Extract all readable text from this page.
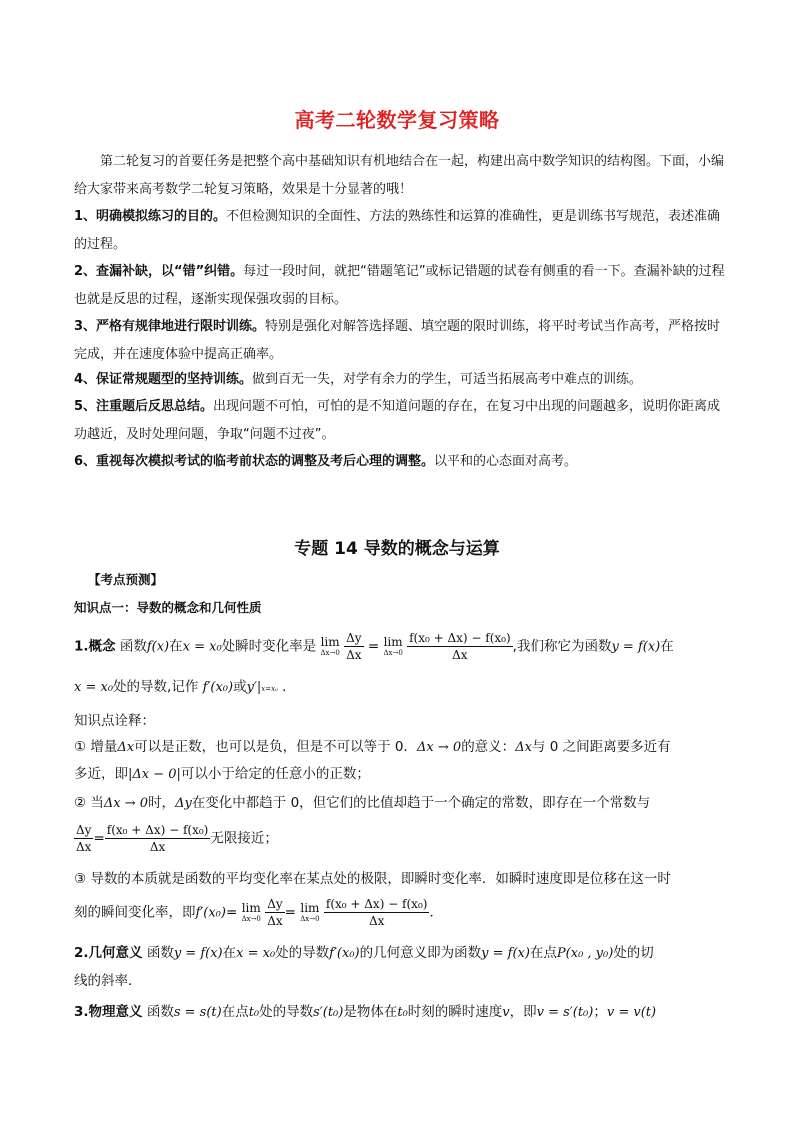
高考二轮数学复习策略
第二轮复习的首要任务是把整个高中基础知识有机地结合在一起，构建出高中数学知识的结构图。下面，小编给大家带来高考数学二轮复习策略，效果是十分显著的哦！
1、明确模拟练习的目的。不但检测知识的全面性、方法的熟练性和运算的准确性，更是训练书写规范，表述准确的过程。
2、查漏补缺，以“错”纠错。每过一段时间，就把“错题笔记”或标记错题的试卷有侧重的看一下。查漏补缺的过程也就是反思的过程，逐渐实现保强攻弱的目标。
3、严格有规律地进行限时训练。特别是强化对解答选择题、填空题的限时训练，将平时考试当作高考，严格按时完成，并在速度体验中提高正确率。
4、保证常规题型的坚持训练。做到百无一失，对学有余力的学生，可适当拓展高考中难点的训练。
5、注重题后反思总结。出现问题不可怕，可怕的是不知道问题的存在，在复习中出现的问题越多，说明你距离成功越近，及时处理问题，争取“问题不过夜”。
6、重视每次模拟考试的临考前状态的调整及考后心理的调整。以平和的心态面对高考。
专题 14 导数的概念与运算
【考点预测】
知识点一：导数的概念和几何性质
1.概念 函数f(x)在x = x₀处瞬时变化率是 lim
Δx→0
$\frac{\Delta y}{\Delta x} = \lim$
Δx→0
$\frac{\text{f(x₀ + Δx) − f(x₀)}}{\Delta x}$ ,我们称它为函数y = f(x)在
x = x₀处的导数,记作 f′(x₀)或y′|x=x₀ .
知识点诠释：
① 增量Δx可以是正数，也可以是负，但是不可以等于 0．Δx → 0的意义：Δx与 0 之间距离要多近有
多近，即|Δx − 0|可以小于给定的任意小的正数；
② 当Δx → 0时，Δy在变化中都趋于 0，但它们的比值却趋于一个确定的常数，即存在一个常数与
$\frac{\Delta y}{\Delta x} = \frac{\text{f(x₀ + Δx) − f(x₀)}}{\Delta x}$ 无限接近；
③ 导数的本质就是函数的平均变化率在某点处的极限，即瞬时变化率．如瞬时速度即是位移在这一时
刻的瞬间变化率，即f′(x₀)= lim
Δx→0
$\frac{\Delta y}{\Delta x} = \lim$
Δx→0
$\frac{\text{f(x₀ + Δx) − f(x₀)}}{\Delta x}$ ．
2.几何意义 函数y = f(x)在x = x₀处的导数f′(x₀)的几何意义即为函数y = f(x)在点P(x₀ , y₀)处的切
线的斜率．
3.物理意义 函数s = s(t)在点t₀处的导数s′(t₀)是物体在t₀时刻的瞬时速度v，即v = s′(t₀)；v = v(t)
